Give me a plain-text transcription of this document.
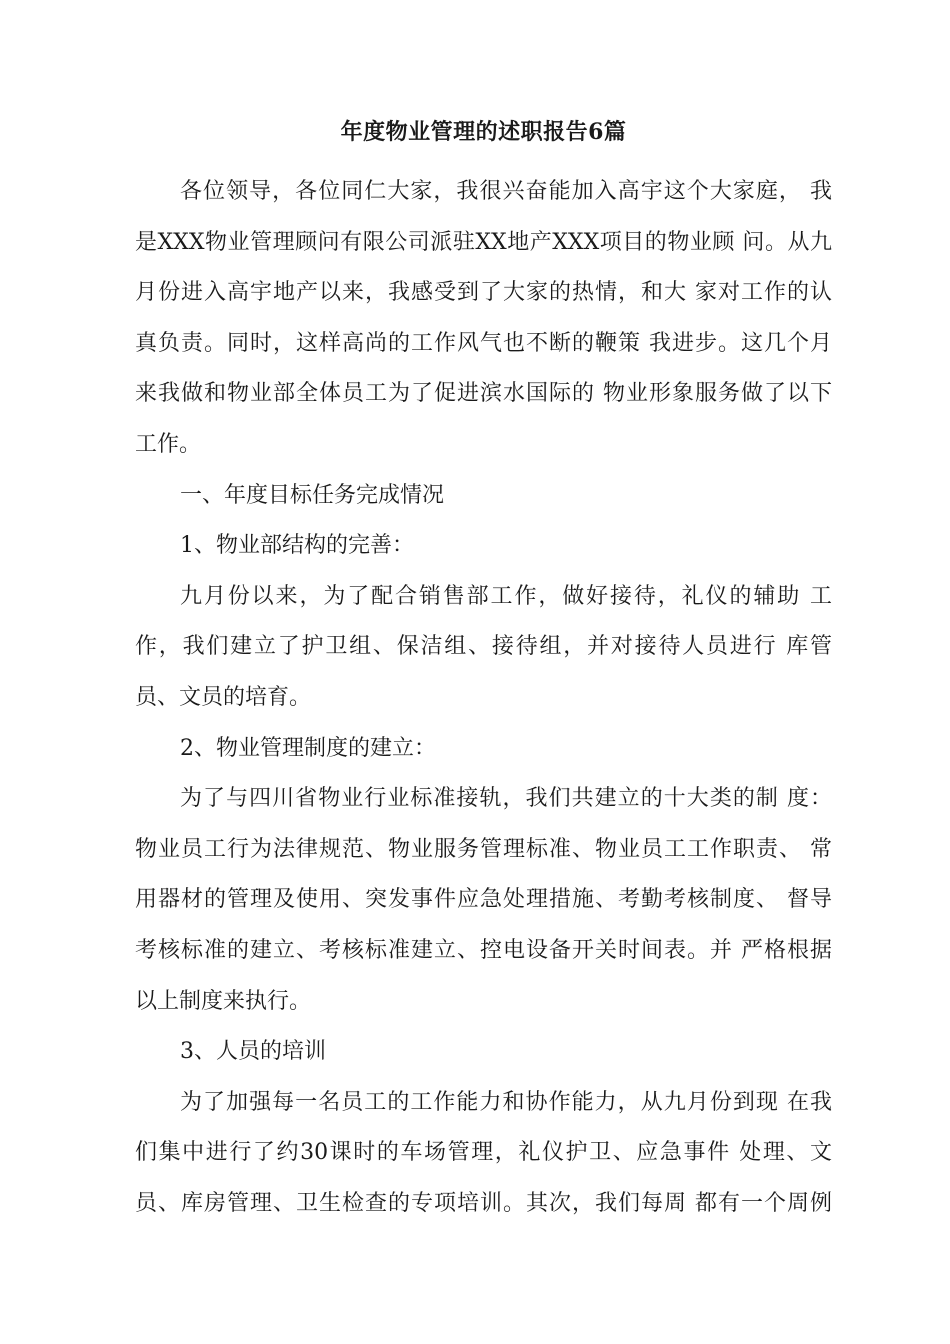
年度物业管理的述职报告6篇
各位领导，各位同仁大家，我很兴奋能加入高宇这个大家庭， 我
是XXX物业管理顾问有限公司派驻XX地产XXX项目的物业顾 问。从九
月份进入高宇地产以来，我感受到了大家的热情，和大 家对工作的认
真负责。同时，这样高尚的工作风气也不断的鞭策 我进步。这几个月
来我做和物业部全体员工为了促进滨水国际的 物业形象服务做了以下
工作。
一、年度目标任务完成情况
1、物业部结构的完善：
九月份以来，为了配合销售部工作，做好接待，礼仪的辅助 工
作，我们建立了护卫组、保洁组、接待组，并对接待人员进行 库管
员、文员的培育。
2、物业管理制度的建立：
为了与四川省物业行业标准接轨，我们共建立的十大类的制 度：
物业员工行为法律规范、物业服务管理标准、物业员工工作职责、 常
用器材的管理及使用、突发事件应急处理措施、考勤考核制度、 督导
考核标准的建立、考核标准建立、控电设备开关时间表。并 严格根据
以上制度来执行。
3、人员的培训
为了加强每一名员工的工作能力和协作能力，从九月份到现 在我
们集中进行了约30课时的车场管理，礼仪护卫、应急事件 处理、文
员、库房管理、卫生检查的专项培训。其次，我们每周 都有一个周例
